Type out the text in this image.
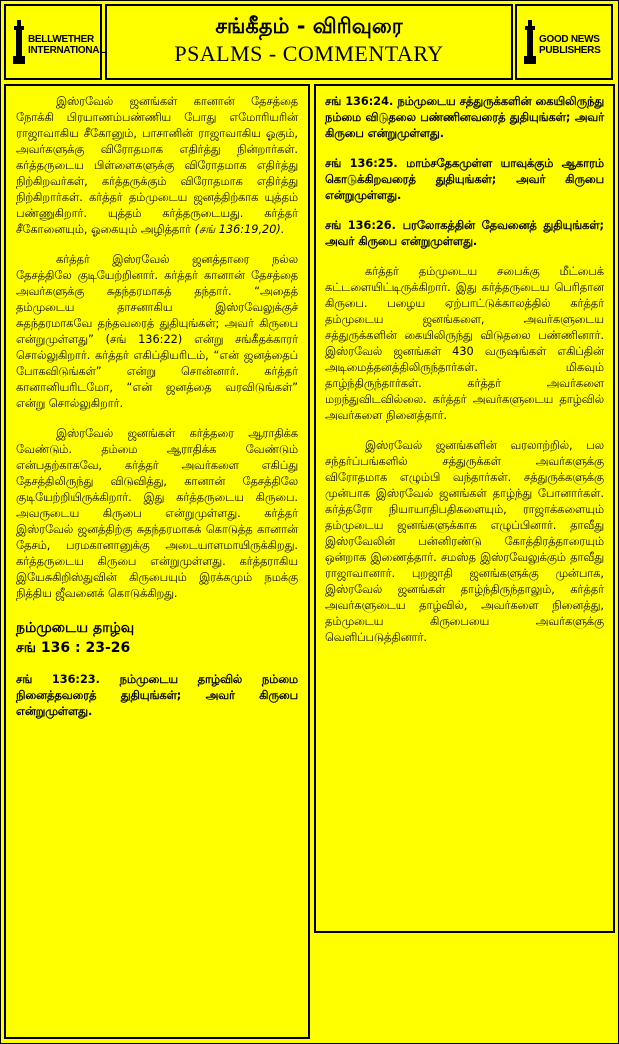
BELLWETHER
INTERNATIONAL
சங்கீதம் - விரிவுரை
PSALMS - COMMENTARY
GOOD NEWS
PUBLISHERS

இஸ்ரவேல் ஜனங்கள் கானான் தேசத்தை நோக்கி பிரயாணம்பண்ணிய போது எமோரியரின் ராஜாவாகிய சீகோனும், பாசானின் ராஜாவாகிய ஓகும், அவர்களுக்கு விரோதமாக எதிர்த்து நின்றார்கள். கர்த்தருடைய பிள்ளைகளுக்கு விரோதமாக எதிர்த்து நிற்கிறவர்கள், கர்த்தருக்கும் விரோதமாக எதிர்த்து நிற்கிறார்கள். கர்த்தர் தம்முடைய ஜனத்திற்காக யுத்தம் பண்ணுகிறார். யுத்தம் கர்த்தருடையது. கர்த்தர் சீகோனையும், ஓகையும் அழித்தார் (சங் 136:19,20).

கர்த்தர் இஸ்ரவேல் ஜனத்தாரை நல்ல தேசத்திலே குடியேற்றினார். கர்த்தர் கானான் தேசத்தை அவர்களுக்கு சுதந்தரமாகத் தந்தார். “அதைத் தம்முடைய தாசனாகிய இஸ்ரவேலுக்குச் சுதந்தரமாகவே தந்தவரைத் துதியுங்கள்; அவர் கிருபை என்றுமுள்ளது” (சங் 136:22) என்று சங்கீதக்காரர் சொல்லுகிறார். கர்த்தர் எகிப்தியரிடம், “என் ஜனத்தைப் போகவிடுங்கள்” என்று சொன்னார். கர்த்தர் கானானியரிடமோ, “என் ஜனத்தை வரவிடுங்கள்” என்று சொல்லுகிறார்.

இஸ்ரவேல் ஜனங்கள் கர்த்தரை ஆராதிக்க வேண்டும். தம்மை ஆராதிக்க வேண்டும் என்பதற்காகவே, கர்த்தர் அவர்களை எகிப்து தேசத்திலிருந்து விடுவித்து, கானான் தேசத்திலே குடியேற்றியிருக்கிறார். இது கர்த்தருடைய கிருபை. அவருடைய கிருபை என்றுமுள்ளது. கர்த்தர் இஸ்ரவேல் ஜனத்திற்கு சுதந்தரமாகக் கொடுத்த கானான் தேசம், பரமகானானுக்கு அடையாளமாயிருக்கிறது. கர்த்தருடைய கிருபை என்றுமுள்ளது. கர்த்தராகிய இயேசுகிறிஸ்துவின் கிருபையும் இரக்கமும் நமக்கு நித்திய ஜீவனைக் கொடுக்கிறது.

நம்முடைய தாழ்வு
சங் 136 : 23-26

சங் 136:23. நம்முடைய தாழ்வில் நம்மை நினைத்தவரைத் துதியுங்கள்; அவர் கிருபை என்றுமுள்ளது.

சங் 136:24. நம்முடைய சத்துருக்களின் கையிலிருந்து நம்மை விடுதலை பண்ணினவரைத் துதியுங்கள்; அவர் கிருபை என்றுமுள்ளது.

சங் 136:25. மாம்சதேகமுள்ள யாவுக்கும் ஆகாரம் கொடுக்கிறவரைத் துதியுங்கள்; அவர் கிருபை என்றுமுள்ளது.

சங் 136:26. பரலோகத்தின் தேவனைத் துதியுங்கள்; அவர் கிருபை என்றுமுள்ளது.

கர்த்தர் தம்முடைய சபைக்கு மீட்பைக் கட்டளையிட்டிருக்கிறார். இது கர்த்தருடைய பெரிதான கிருபை. பழைய ஏற்பாட்டுக்காலத்தில் கர்த்தர் தம்முடைய ஜனங்களை, அவர்களுடைய சத்துருக்களின் கையிலிருந்து விடுதலை பண்ணினார். இஸ்ரவேல் ஜனங்கள் 430 வருஷங்கள் எகிப்தின் அடிமைத்தனத்திலிருந்தார்கள். மிகவும் தாழ்ந்திருந்தார்கள். கர்த்தர் அவர்களை மறந்துவிடவில்லை. கர்த்தர் அவர்களுடைய தாழ்வில் அவர்களை நினைத்தார்.

இஸ்ரவேல் ஜனங்களின் வரலாற்றில், பல சந்தர்ப்பங்களில் சத்துருக்கள் அவர்களுக்கு விரோதமாக எழும்பி வந்தார்கள். சத்துருக்களுக்கு முன்பாக இஸ்ரவேல் ஜனங்கள் தாழ்ந்து போனார்கள். கர்த்தரோ நியாயாதிபதிகளையும், ராஜாக்களையும் தம்முடைய ஜனங்களுக்காக எழுப்பினார். தாவீது இஸ்ரவேலின் பன்னிரண்டு கோத்திரத்தாரையும் ஒன்றாக இணைத்தார். சமஸ்த இஸ்ரவேலுக்கும் தாவீது ராஜாவானார். புறஜாதி ஜனங்களுக்கு முன்பாக, இஸ்ரவேல் ஜனங்கள் தாழ்ந்திருந்தாலும், கர்த்தர் அவர்களுடைய தாழ்வில், அவர்களை நினைத்து, தம்முடைய கிருபையை அவர்களுக்கு வெளிப்படுத்தினார்.
